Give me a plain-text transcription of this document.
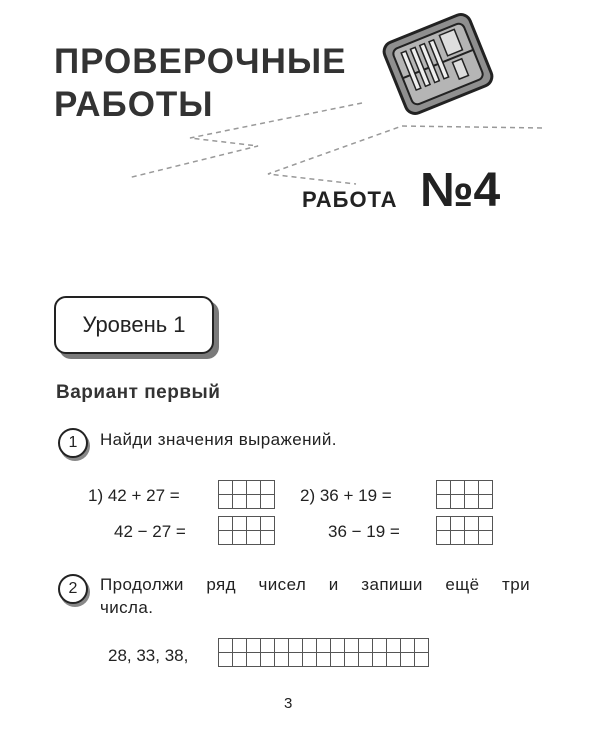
ПРОВЕРОЧНЫЕ
РАБОТЫ
РАБОТА №4
Уровень 1
Вариант первый
1	Найди значения выражений.
1) 42 + 27 =
42 − 27 =
2) 36 + 19 =
36 − 19 =
2	Продолжи ряд чисел и запиши ещё три
числа.
28, 33, 38,
3
